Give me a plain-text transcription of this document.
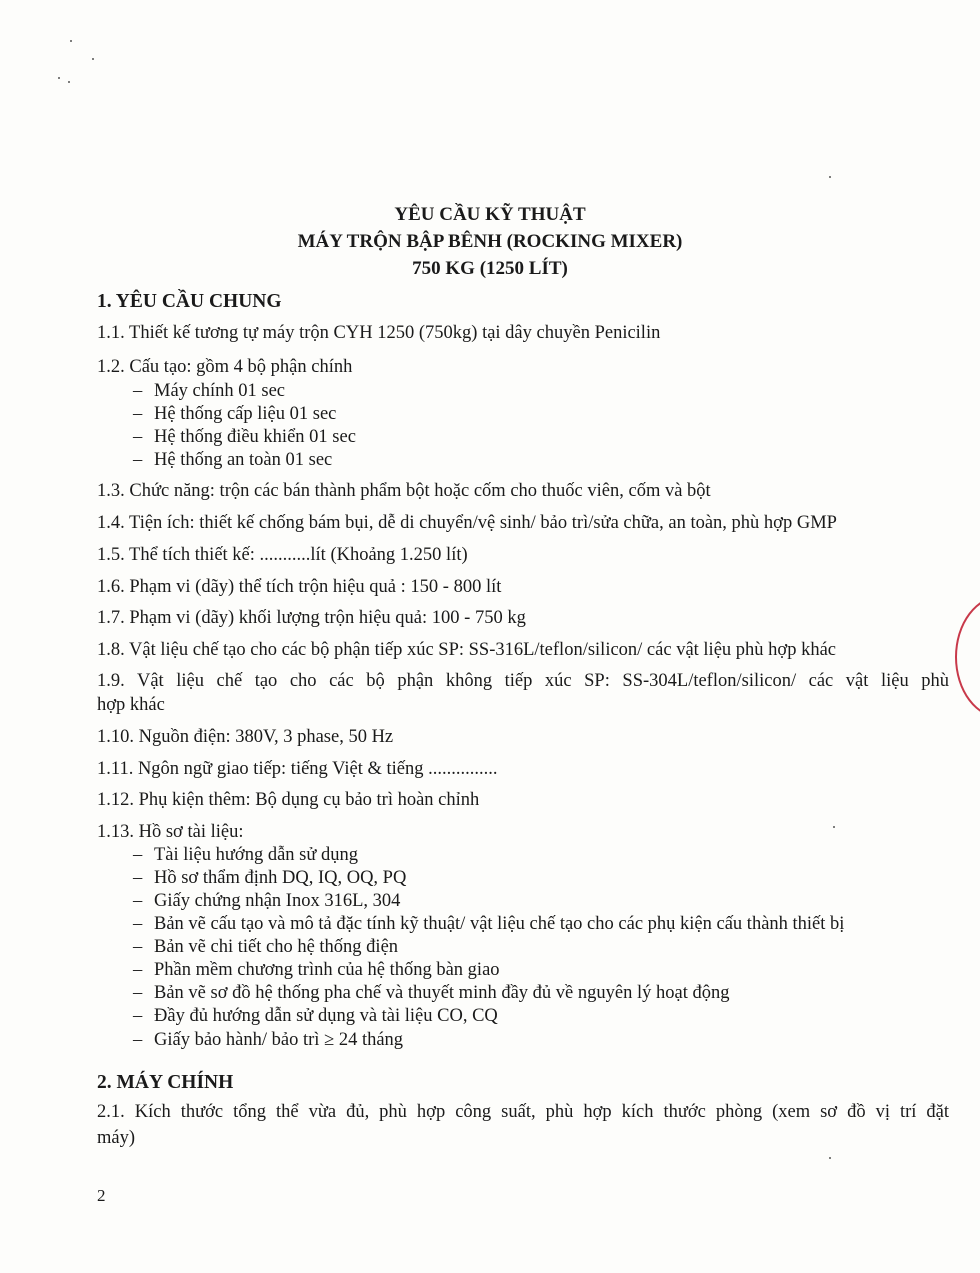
YÊU CẦU KỸ THUẬT
MÁY TRỘN BẬP BÊNH (ROCKING MIXER)
750 KG (1250 LÍT)
1. YÊU CẦU CHUNG
1.1. Thiết kế tương tự máy trộn CYH 1250 (750kg) tại dây chuyền Penicilin
1.2. Cấu tạo: gồm 4 bộ phận chính
– Máy chính 01 sec
– Hệ thống cấp liệu 01 sec
– Hệ thống điều khiển 01 sec
– Hệ thống an toàn 01 sec
1.3. Chức năng: trộn các bán thành phẩm bột hoặc cốm cho thuốc viên, cốm và bột
1.4. Tiện ích: thiết kế chống bám bụi, dễ di chuyển/vệ sinh/ bảo trì/sửa chữa, an toàn, phù hợp GMP
1.5. Thể tích thiết kế: ...........lít (Khoảng 1.250 lít)
1.6. Phạm vi (dãy) thể tích trộn hiệu quả : 150 - 800 lít
1.7. Phạm vi (dãy) khối lượng trộn hiệu quả: 100 - 750 kg
1.8. Vật liệu chế tạo cho các bộ phận tiếp xúc SP: SS-316L/teflon/silicon/ các vật liệu phù hợp khác
1.9. Vật liệu chế tạo cho các bộ phận không tiếp xúc SP: SS-304L/teflon/silicon/ các vật liệu phù
hợp khác
1.10. Nguồn điện: 380V, 3 phase, 50 Hz
1.11. Ngôn ngữ giao tiếp: tiếng Việt & tiếng ...............
1.12. Phụ kiện thêm: Bộ dụng cụ bảo trì hoàn chỉnh
1.13. Hồ sơ tài liệu:
– Tài liệu hướng dẫn sử dụng
– Hồ sơ thẩm định DQ, IQ, OQ, PQ
– Giấy chứng nhận Inox 316L, 304
– Bản vẽ cấu tạo và mô tả đặc tính kỹ thuật/ vật liệu chế tạo cho các phụ kiện cấu thành thiết bị
– Bản vẽ chi tiết cho hệ thống điện
– Phần mềm chương trình của hệ thống bàn giao
– Bản vẽ sơ đồ hệ thống pha chế và thuyết minh đầy đủ về nguyên lý hoạt động
– Đầy đủ hướng dẫn sử dụng và tài liệu CO, CQ
– Giấy bảo hành/ bảo trì ≥ 24 tháng
2. MÁY CHÍNH
2.1. Kích thước tổng thể vừa đủ, phù hợp công suất, phù hợp kích thước phòng (xem sơ đồ vị trí đặt
máy)
2
